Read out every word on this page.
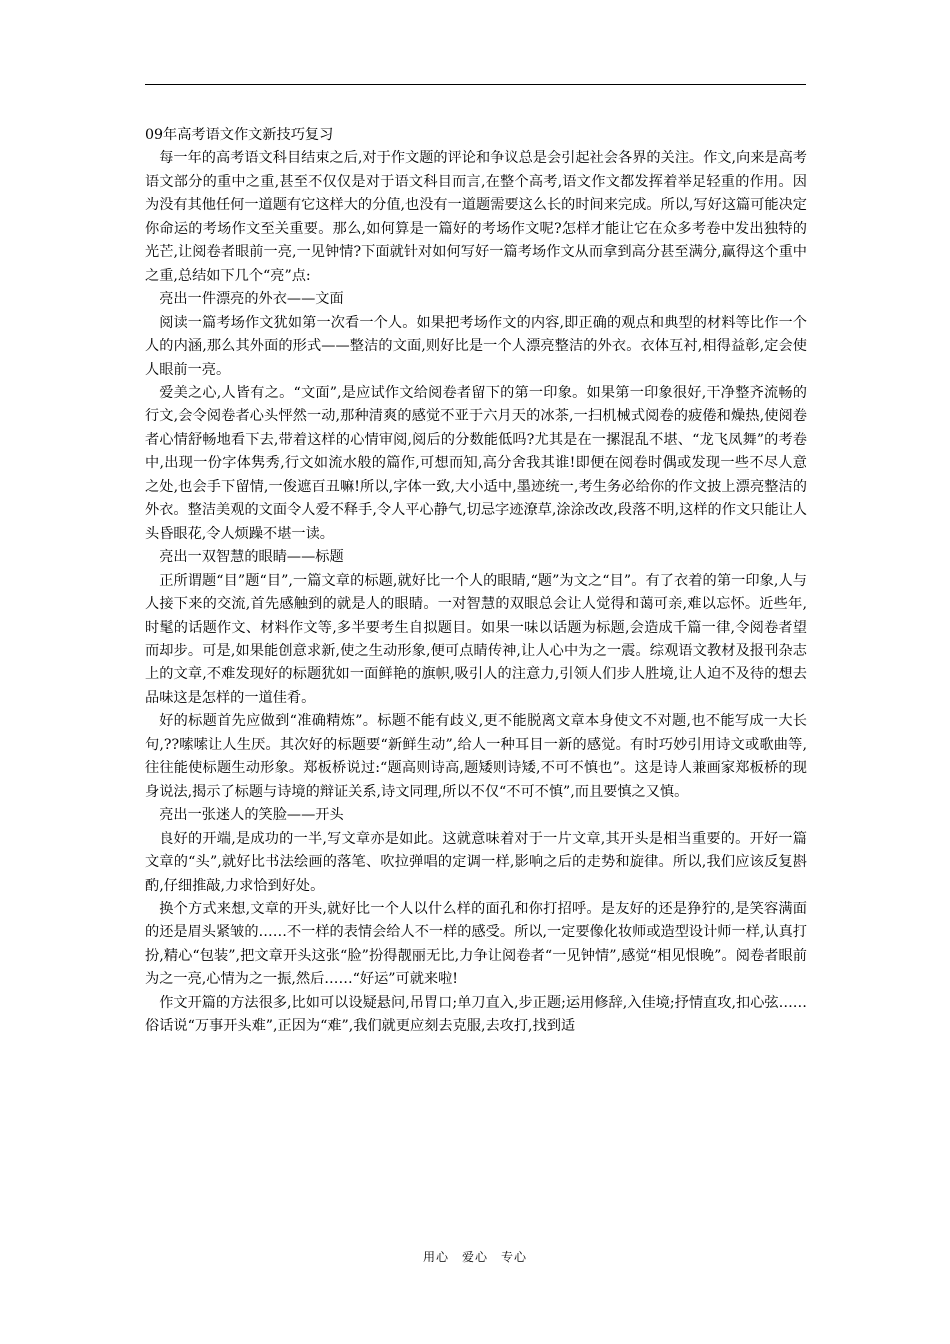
09年高考语文作文新技巧复习

每一年的高考语文科目结束之后,对于作文题的评论和争议总是会引起社会各界的关注。作文,向来是高考语文部分的重中之重,甚至不仅仅是对于语文科目而言,在整个高考,语文作文都发挥着举足轻重的作用。因为没有其他任何一道题有它这样大的分值,也没有一道题需要这么长的时间来完成。所以,写好这篇可能决定你命运的考场作文至关重要。那么,如何算是一篇好的考场作文呢?怎样才能让它在众多考卷中发出独特的光芒,让阅卷者眼前一亮,一见钟情?下面就针对如何写好一篇考场作文从而拿到高分甚至满分,赢得这个重中之重,总结如下几个“亮”点:

亮出一件漂亮的外衣——文面

阅读一篇考场作文犹如第一次看一个人。如果把考场作文的内容,即正确的观点和典型的材料等比作一个人的内涵,那么其外面的形式——整洁的文面,则好比是一个人漂亮整洁的外衣。衣体互衬,相得益彰,定会使人眼前一亮。

爱美之心,人皆有之。“文面”,是应试作文给阅卷者留下的第一印象。如果第一印象很好,干净整齐流畅的行文,会令阅卷者心头怦然一动,那种清爽的感觉不亚于六月天的冰茶,一扫机械式阅卷的疲倦和燥热,使阅卷者心情舒畅地看下去,带着这样的心情审阅,阅后的分数能低吗?尤其是在一摞混乱不堪、“龙飞凤舞”的考卷中,出现一份字体隽秀,行文如流水般的篇作,可想而知,高分舍我其谁!即便在阅卷时偶或发现一些不尽人意之处,也会手下留情,一俊遮百丑嘛!所以,字体一致,大小适中,墨迹统一,考生务必给你的作文披上漂亮整洁的外衣。整洁美观的文面令人爱不释手,令人平心静气,切忌字迹潦草,涂涂改改,段落不明,这样的作文只能让人头昏眼花,令人烦躁不堪一读。

亮出一双智慧的眼睛——标题

正所谓题“目”题“目”,一篇文章的标题,就好比一个人的眼睛,“题”为文之“目”。有了衣着的第一印象,人与人接下来的交流,首先感触到的就是人的眼睛。一对智慧的双眼总会让人觉得和蔼可亲,难以忘怀。近些年,时髦的话题作文、材料作文等,多半要考生自拟题目。如果一味以话题为标题,会造成千篇一律,令阅卷者望而却步。可是,如果能创意求新,使之生动形象,便可点睛传神,让人心中为之一震。综观语文教材及报刊杂志上的文章,不难发现好的标题犹如一面鲜艳的旗帜,吸引人的注意力,引领人们步人胜境,让人迫不及待的想去品味这是怎样的一道佳肴。

好的标题首先应做到“准确精炼”。标题不能有歧义,更不能脱离文章本身使文不对题,也不能写成一大长句,??嗦嗦让人生厌。其次好的标题要“新鲜生动”,给人一种耳目一新的感觉。有时巧妙引用诗文或歌曲等,往往能使标题生动形象。郑板桥说过:“题高则诗高,题矮则诗矮,不可不慎也”。这是诗人兼画家郑板桥的现身说法,揭示了标题与诗境的辩证关系,诗文同理,所以不仅“不可不慎”,而且要慎之又慎。

亮出一张迷人的笑脸——开头

良好的开端,是成功的一半,写文章亦是如此。这就意味着对于一片文章,其开头是相当重要的。开好一篇文章的“头”,就好比书法绘画的落笔、吹拉弹唱的定调一样,影响之后的走势和旋律。所以,我们应该反复斟酌,仔细推敲,力求恰到好处。

换个方式来想,文章的开头,就好比一个人以什么样的面孔和你打招呼。是友好的还是狰狞的,是笑容满面的还是眉头紧皱的……不一样的表情会给人不一样的感受。所以,一定要像化妆师或造型设计师一样,认真打扮,精心“包装”,把文章开头这张“脸”扮得靓丽无比,力争让阅卷者“一见钟情”,感觉“相见恨晚”。阅卷者眼前为之一亮,心情为之一振,然后……“好运”可就来啦!

作文开篇的方法很多,比如可以设疑悬问,吊胃口;单刀直入,步正题;运用修辞,入佳境;抒情直攻,扣心弦……俗话说“万事开头难”,正因为“难”,我们就更应刻去克服,去攻打,找到适

用心　爱心　专心
